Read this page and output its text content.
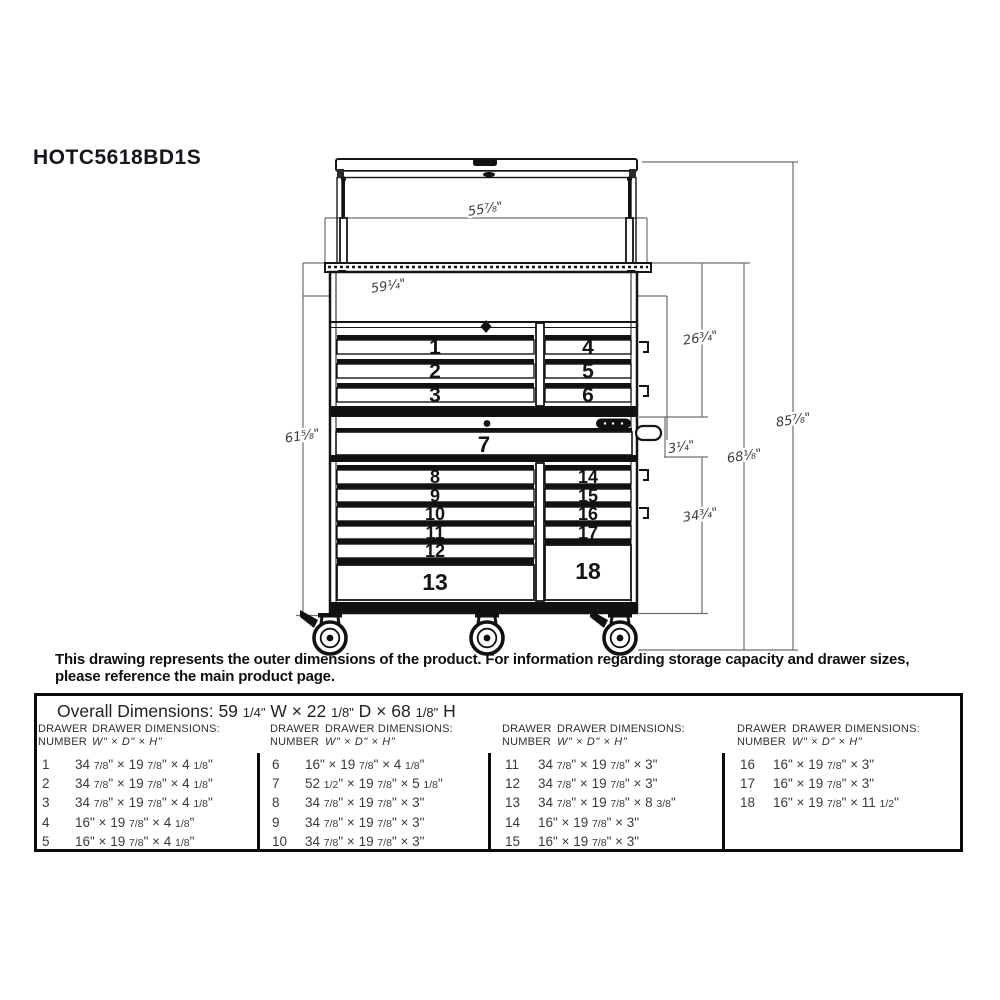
HOTC5618BD1S
1
2
3
4
5
6
7
8
9
10
11
12
13
14
15
16
17
18
55⅞"
59¼"
61⅝"
26¾"
3¼"
34¾"
68⅛"
85⅞"
This drawing represents the outer dimensions of the product. For information regarding storage capacity and drawer sizes,
please reference the main product page.
Overall Dimensions: 59 1/4" W × 22 1/8" D × 68 1/8" H
DRAWER
NUMBER
DRAWER DIMENSIONS:
W" × D" × H"
DRAWER
NUMBER
DRAWER DIMENSIONS:
W" × D" × H"
DRAWER
NUMBER
DRAWER DIMENSIONS:
W" × D" × H"
DRAWER
NUMBER
DRAWER DIMENSIONS:
W" × D" × H"
1	34 7/8" × 19 7/8" × 4 1/8"
2	34 7/8" × 19 7/8" × 4 1/8"
3	34 7/8" × 19 7/8" × 4 1/8"
4	16" × 19 7/8" × 4 1/8"
5	16" × 19 7/8" × 4 1/8"
6	16" × 19 7/8" × 4 1/8"
7	52 1/2" × 19 7/8" × 5 1/8"
8	34 7/8" × 19 7/8" × 3"
9	34 7/8" × 19 7/8" × 3"
10	34 7/8" × 19 7/8" × 3"
11	34 7/8" × 19 7/8" × 3"
12	34 7/8" × 19 7/8" × 3"
13	34 7/8" × 19 7/8" × 8 3/8"
14	16" × 19 7/8" × 3"
15	16" × 19 7/8" × 3"
16	16" × 19 7/8" × 3"
17	16" × 19 7/8" × 3"
18	16" × 19 7/8" × 11 1/2"
